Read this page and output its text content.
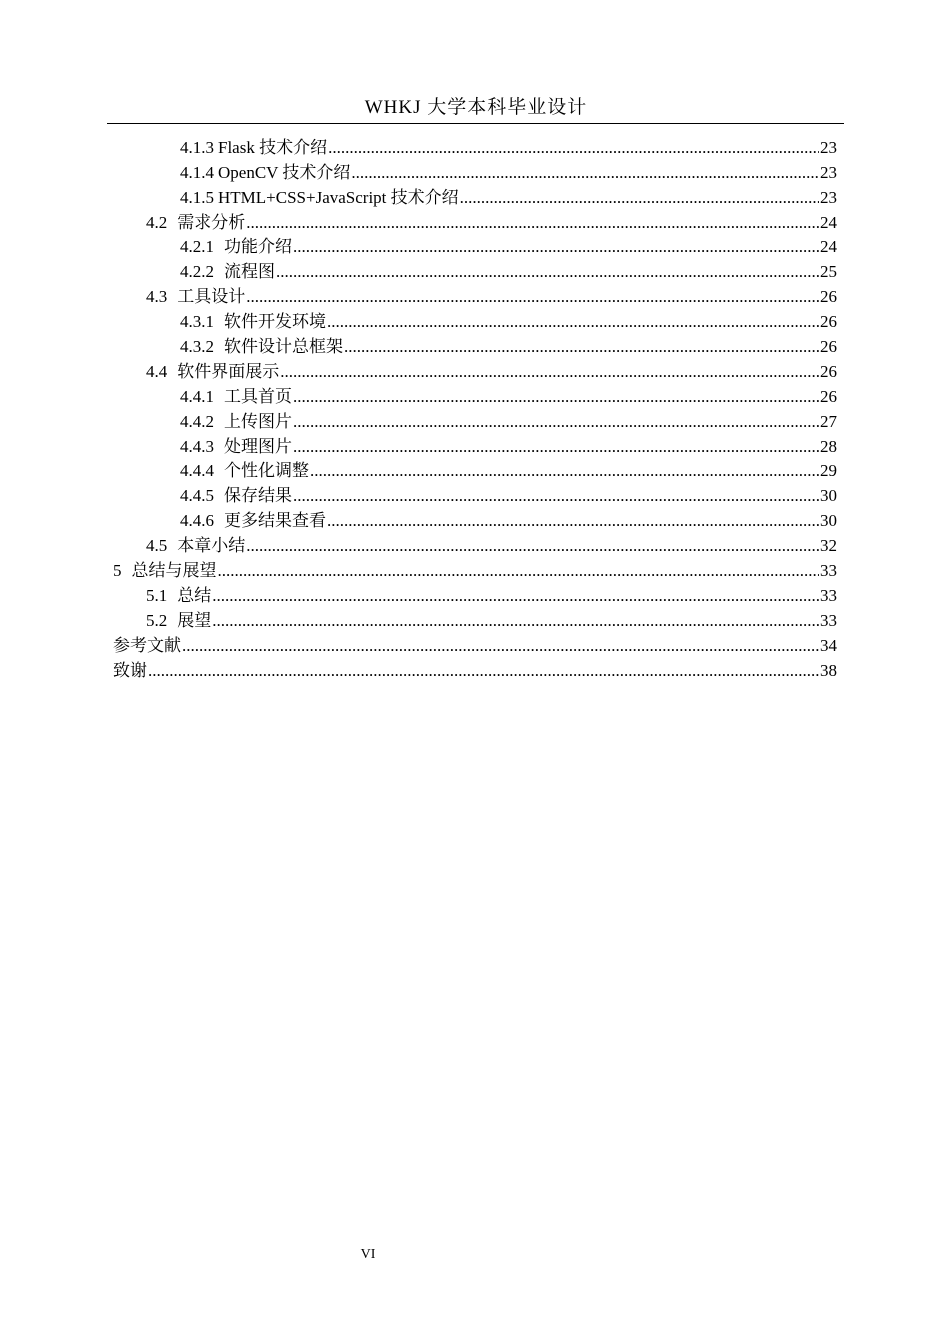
WHKJ 大学本科毕业设计
4.1.3 Flask 技术介绍 .....	23
4.1.4 OpenCV 技术介绍 .....	23
4.1.5 HTML+CSS+JavaScript 技术介绍 .....	23
4.2 需求分析 .....	24
4.2.1 功能介绍 .....	24
4.2.2 流程图 .....	25
4.3 工具设计 .....	26
4.3.1 软件开发环境 .....	26
4.3.2 软件设计总框架 .....	26
4.4 软件界面展示 .....	26
4.4.1 工具首页 .....	26
4.4.2 上传图片 .....	27
4.4.3 处理图片 .....	28
4.4.4 个性化调整 .....	29
4.4.5 保存结果 .....	30
4.4.6 更多结果查看 .....	30
4.5 本章小结 .....	32
5 总结与展望 .....	33
5.1 总结 .....	33
5.2 展望 .....	33
参考文献 .....	34
致谢 .....	38
VI
